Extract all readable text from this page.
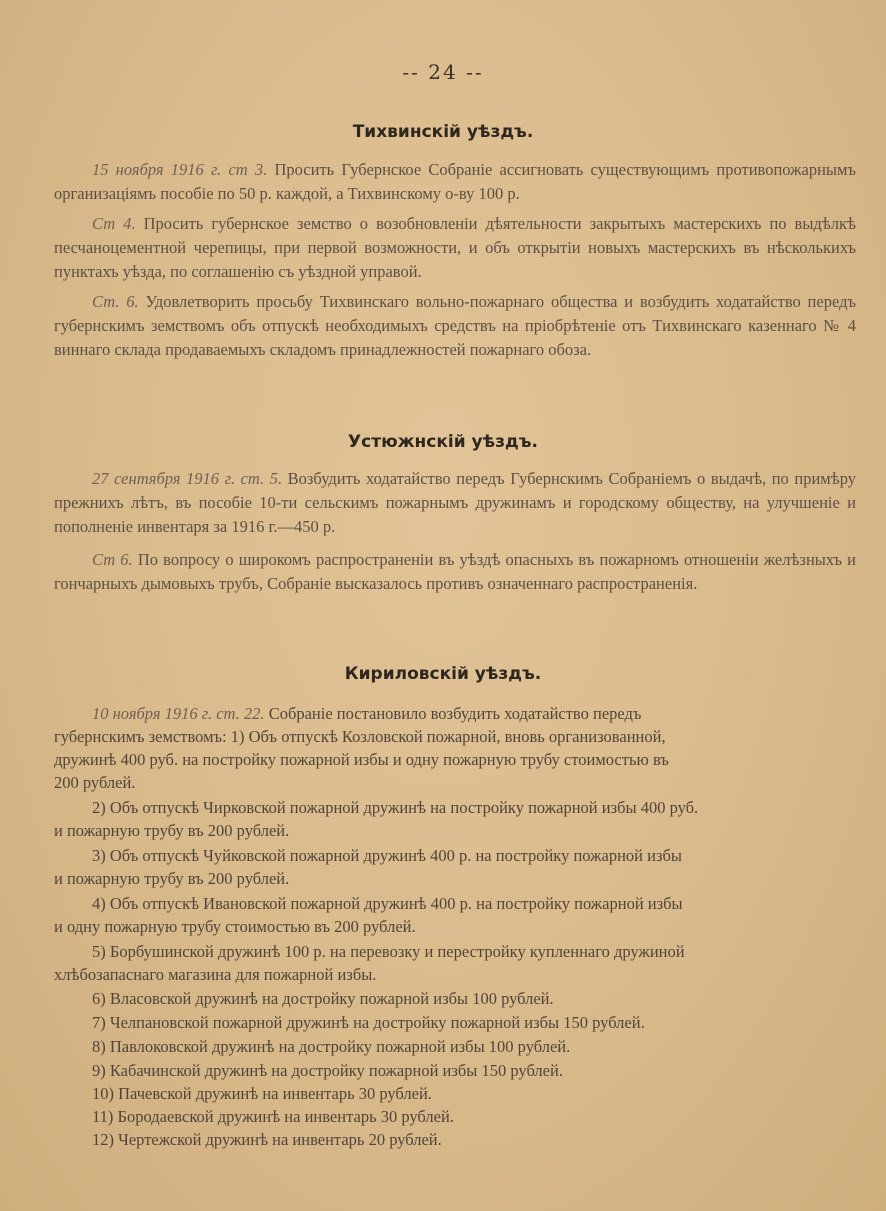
-- 24 --
Тихвинскій уѣздъ.
15 ноября 1916 г. ст 3. Просить Губернское Собраніе ассигновать существующимъ противопожарнымъ организаціямъ пособіе по 50 р. каждой, а Тихвинскому о-ву 100 р.
Ст 4. Просить губернское земство о возобновленіи дѣятельности закрытыхъ мастерскихъ по выдѣлкѣ песчаноцементной черепицы, при первой возможности, и объ открытіи новыхъ мастерскихъ въ нѣсколькихъ пунктахъ уѣзда, по соглашенію съ уѣздной управой.
Ст. 6. Удовлетворить просьбу Тихвинскаго вольно-пожарнаго общества и возбудить ходатайство передъ губернскимъ земствомъ объ отпускѣ необходимыхъ средствъ на пріобрѣтеніе отъ Тихвинскаго казеннаго № 4 виннаго склада продаваемыхъ складомъ принадлежностей пожарнаго обоза.
Устюжнскій уѣздъ.
27 сентября 1916 г. ст. 5. Возбудить ходатайство передъ Губернскимъ Собраніемъ о выдачѣ, по примѣру прежнихъ лѣтъ, въ пособіе 10-ти сельскимъ пожарнымъ дружинамъ и городскому обществу, на улучшеніе и пополненіе инвентаря за 1916 г.—450 р.
Ст 6. По вопросу о широкомъ распространеніи въ уѣздѣ опасныхъ въ пожарномъ отношеніи желѣзныхъ и гончарныхъ дымовыхъ трубъ, Собраніе высказалось противъ означеннаго распространенія.
Кириловскій уѣздъ.
10 ноября 1916 г. ст. 22. Собраніе постановило возбудить ходатайство передъ
губернскимъ земствомъ: 1) Объ отпускѣ Козловской пожарной, вновь организованной,
дружинѣ 400 руб. на постройку пожарной избы и одну пожарную трубу стоимостью въ
200 рублей.
2) Объ отпускѣ Чирковской пожарной дружинѣ на постройку пожарной избы 400 руб.
и пожарную трубу въ 200 рублей.
3) Объ отпускѣ Чуйковской пожарной дружинѣ 400 р. на постройку пожарной избы
и пожарную трубу въ 200 рублей.
4) Объ отпускѣ Ивановской пожарной дружинѣ 400 р. на постройку пожарной избы
и одну пожарную трубу стоимостью въ 200 рублей.
5) Борбушинской дружинѣ 100 р. на перевозку и перестройку купленнаго дружиной
хлѣбозапаснаго магазина для пожарной избы.
6) Власовской дружинѣ на достройку пожарной избы 100 рублей.
7) Челпановской пожарной дружинѣ на достройку пожарной избы 150 рублей.
8) Павлоковской дружинѣ на достройку пожарной избы 100 рублей.
9) Кабачинской дружинѣ на достройку пожарной избы 150 рублей.
10) Пачевской дружинѣ на инвентарь 30 рублей.
11) Бородаевской дружинѣ на инвентарь 30 рублей.
12) Чертежской дружинѣ на инвентарь 20 рублей.
